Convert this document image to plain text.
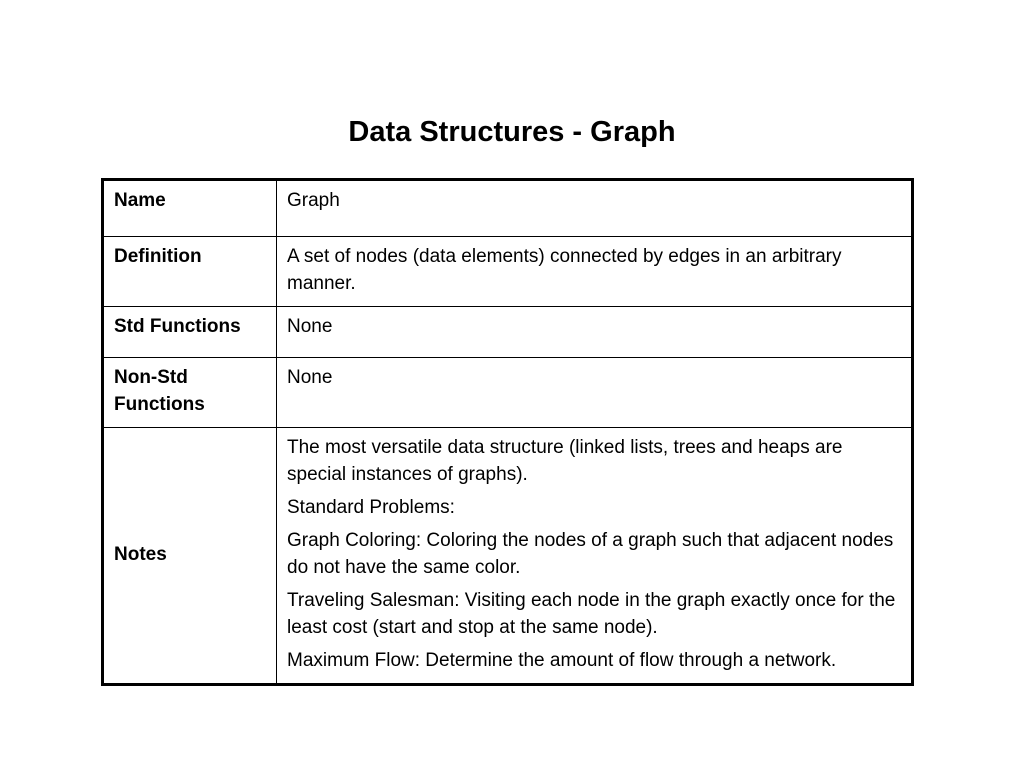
Data Structures - Graph
Name	Graph
Definition	A set of nodes (data elements) connected by edges in an arbitrary manner.
Std Functions	None
Non-Std Functions	None
Notes	The most versatile data structure (linked lists, trees and heaps are special instances of graphs).

Standard Problems:

Graph Coloring: Coloring the nodes of a graph such that adjacent nodes do not have the same color.

Traveling Salesman: Visiting each node in the graph exactly once for the least cost (start and stop at the same node).

Maximum Flow: Determine the amount of flow through a network.
